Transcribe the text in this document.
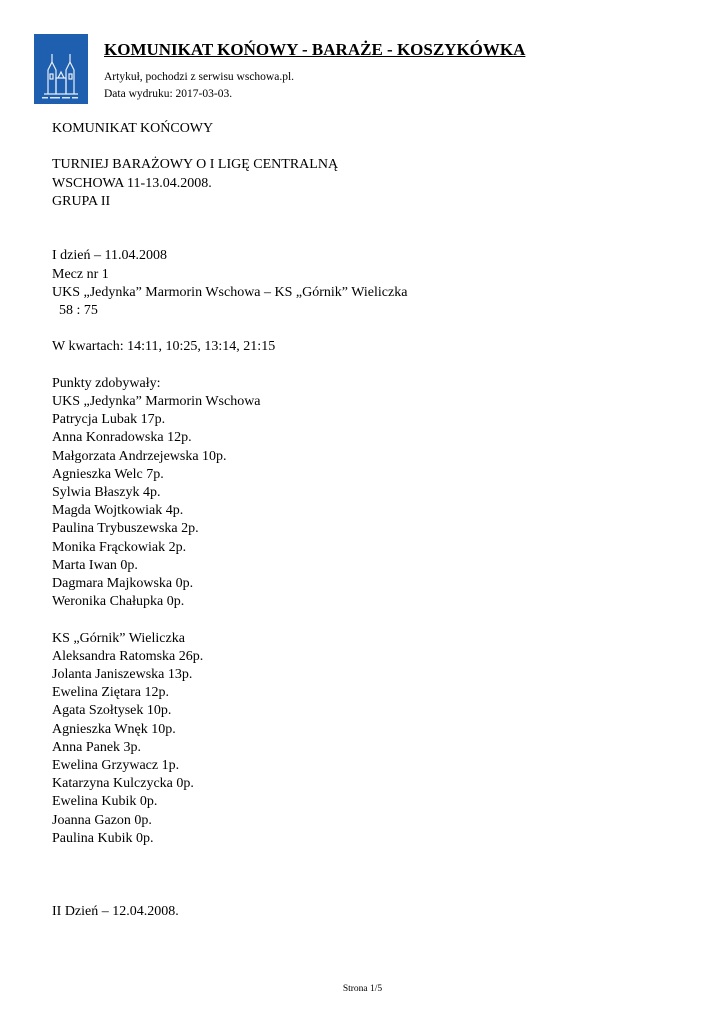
KOMUNIKAT KOŃOWY - BARAŻE - KOSZYKÓWKA
Artykuł, pochodzi z serwisu wschowa.pl.
Data wydruku: 2017-03-03.
KOMUNIKAT KOŃCOWY
TURNIEJ BARAŻOWY O I LIGĘ CENTRALNĄ
WSCHOWA 11-13.04.2008.
GRUPA II
I dzień – 11.04.2008
Mecz nr 1
UKS „Jedynka” Marmorin Wschowa – KS „Górnik” Wieliczka
58 : 75
W kwartach: 14:11, 10:25, 13:14, 21:15
Punkty zdobywały:
UKS „Jedynka” Marmorin Wschowa
Patrycja Lubak 17p.
Anna Konradowska 12p.
Małgorzata Andrzejewska 10p.
Agnieszka Welc 7p.
Sylwia Błaszyk 4p.
Magda Wojtkowiak 4p.
Paulina Trybuszewska 2p.
Monika Frąckowiak 2p.
Marta Iwan 0p.
Dagmara Majkowska 0p.
Weronika Chałupka 0p.
KS „Górnik” Wieliczka
Aleksandra Ratomska 26p.
Jolanta Janiszewska 13p.
Ewelina Ziętara 12p.
Agata Szołtysek 10p.
Agnieszka Wnęk 10p.
Anna Panek 3p.
Ewelina Grzywacz 1p.
Katarzyna Kulczycka 0p.
Ewelina Kubik 0p.
Joanna Gazon 0p.
Paulina Kubik 0p.
II Dzień – 12.04.2008.
Strona 1/5
